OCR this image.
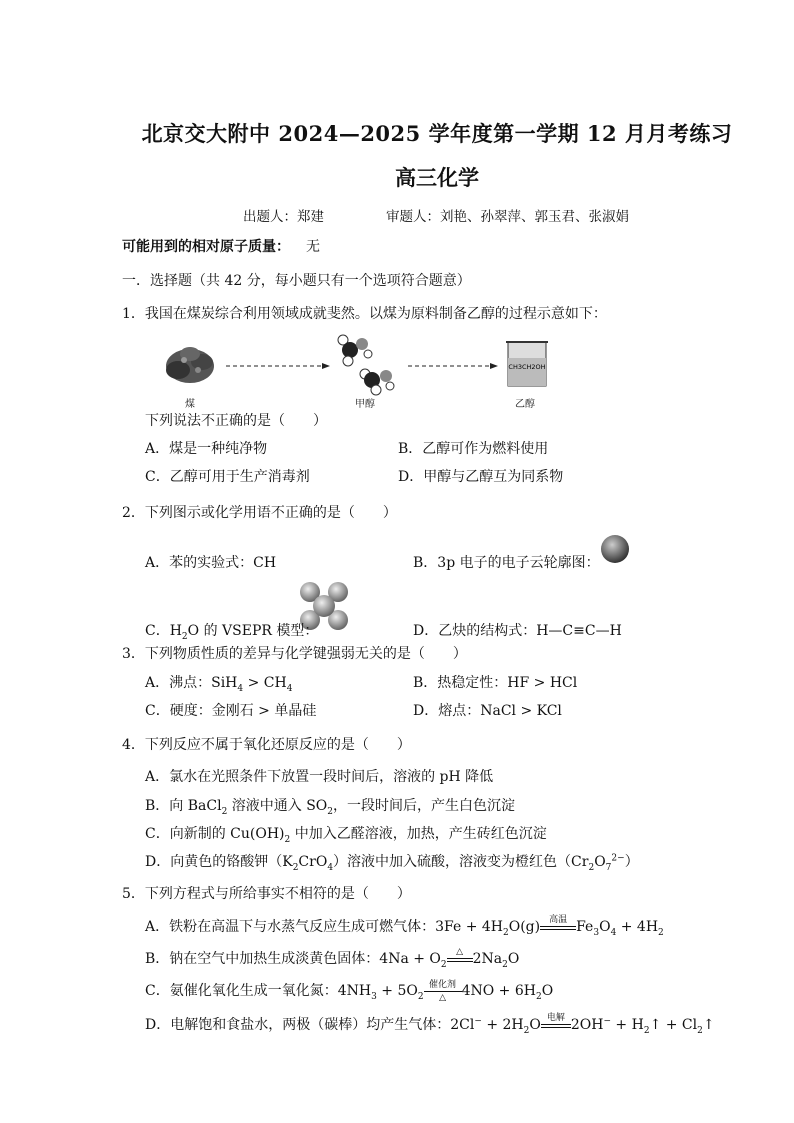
北京交大附中 2024—2025 学年度第一学期 12 月月考练习
高三化学
出题人：郑建	审题人：刘艳、孙翠萍、郭玉君、张淑娟
可能用到的相对原子质量： 无
一．选择题（共 42 分，每小题只有一个选项符合题意）
1．我国在煤炭综合利用领域成就斐然。以煤为原料制备乙醇的过程示意如下：
CH3CH2OH
煤	甲醇	乙醇
下列说法不正确的是（　　）
A．煤是一种纯净物	B．乙醇可作为燃料使用
C．乙醇可用于生产消毒剂	D．甲醇与乙醇互为同系物
2．下列图示或化学用语不正确的是（　　）
A．苯的实验式：CH	B．3p 电子的电子云轮廓图：
C．$H_2O$ 的 VSEPR 模型：	D．乙炔的结构式：H—C≡C—H
3．下列物质性质的差异与化学键强弱无关的是（　　）
A．沸点：$SiH_4 > CH_4$	B．热稳定性：HF > HCl
C．硬度：金刚石 > 单晶硅	D．熔点：NaCl > KCl
4．下列反应不属于氧化还原反应的是（　　）
A．氯水在光照条件下放置一段时间后，溶液的 pH 降低
B．向 BaCl$_2$ 溶液中通入 $SO_2$，一段时间后，产生白色沉淀
C．向新制的 $Cu(OH)_2$ 中加入乙醛溶液，加热，产生砖红色沉淀
D．向黄色的铬酸钾$(K_2CrO_4)$溶液中加入硫酸，溶液变为橙红色$(Cr_2O_7^{2-})$
5．下列方程式与所给事实不相符的是（　　）
A．铁粉在高温下与水蒸气反应生成可燃气体：$3Fe + 4H_2O(g)$ 高温 $Fe_3O_4 + 4H_2$
B．钠在空气中加热生成淡黄色固体：$4Na + O_2$
△ $2Na_2O$
C．氨催化氧化生成一氧化氮：$4NH_3 + 5O_2$
催化剂
△	$4NO + 6H_2O$
D．电解饱和食盐水，两极（碳棒）均产生气体：$2Cl^- + 2H_2O$ 电解 $2OH^- + H_2↑$ + $Cl_2↑$
